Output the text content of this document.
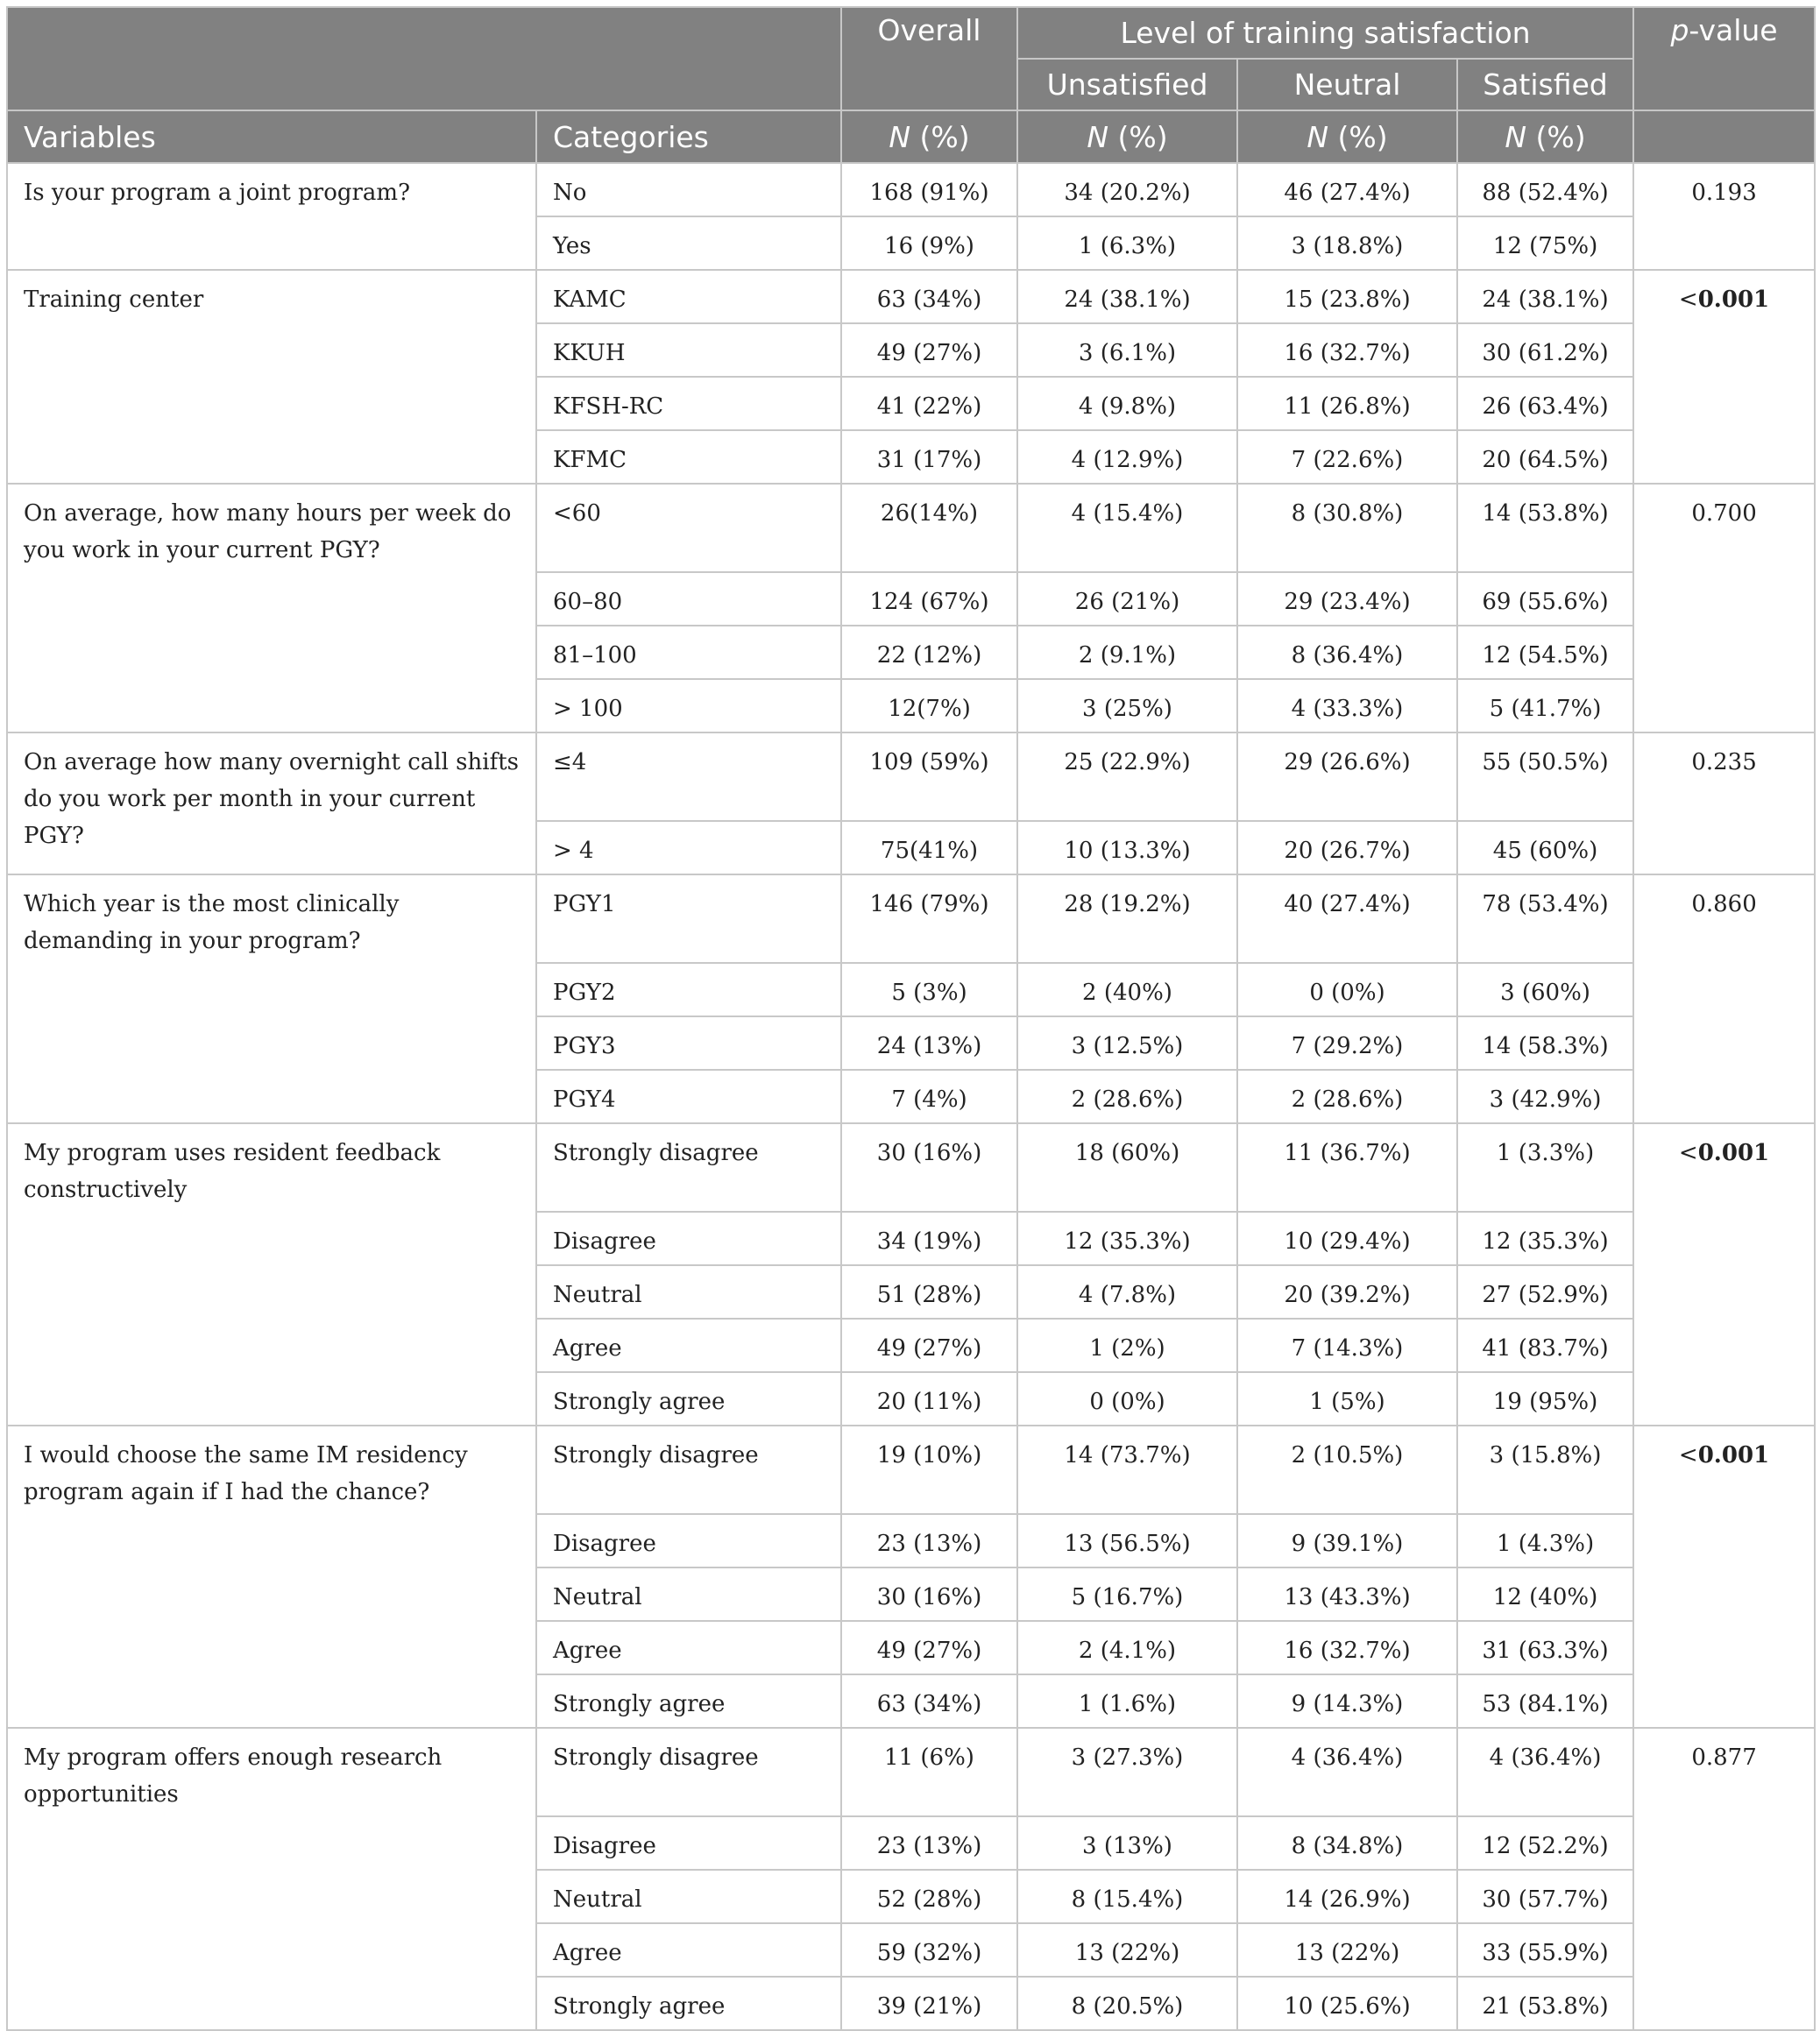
		Overall	Level of training satisfaction			p-value
			Unsatisfied	Neutral	Satisfied	
Variables	Categories	N (%)	N (%)	N (%)	N (%)	
Is your program a joint program?	No	168 (91%)	34 (20.2%)	46 (27.4%)	88 (52.4%)	0.193
	Yes	16 (9%)	1 (6.3%)	3 (18.8%)	12 (75%)	
Training center	KAMC	63 (34%)	24 (38.1%)	15 (23.8%)	24 (38.1%)	<0.001
	KKUH	49 (27%)	3 (6.1%)	16 (32.7%)	30 (61.2%)	
	KFSH-RC	41 (22%)	4 (9.8%)	11 (26.8%)	26 (63.4%)	
	KFMC	31 (17%)	4 (12.9%)	7 (22.6%)	20 (64.5%)	
On average, how many hours per week do you work in your current PGY?	<60	26(14%)	4 (15.4%)	8 (30.8%)	14 (53.8%)	0.700
	60–80	124 (67%)	26 (21%)	29 (23.4%)	69 (55.6%)	
	81–100	22 (12%)	2 (9.1%)	8 (36.4%)	12 (54.5%)	
	> 100	12(7%)	3 (25%)	4 (33.3%)	5 (41.7%)	
On average how many overnight call shifts do you work per month in your current PGY?	≤4	109 (59%)	25 (22.9%)	29 (26.6%)	55 (50.5%)	0.235
	> 4	75(41%)	10 (13.3%)	20 (26.7%)	45 (60%)	
Which year is the most clinically demanding in your program?	PGY1	146 (79%)	28 (19.2%)	40 (27.4%)	78 (53.4%)	0.860
	PGY2	5 (3%)	2 (40%)	0 (0%)	3 (60%)	
	PGY3	24 (13%)	3 (12.5%)	7 (29.2%)	14 (58.3%)	
	PGY4	7 (4%)	2 (28.6%)	2 (28.6%)	3 (42.9%)	
My program uses resident feedback constructively	Strongly disagree	30 (16%)	18 (60%)	11 (36.7%)	1 (3.3%)	<0.001
	Disagree	34 (19%)	12 (35.3%)	10 (29.4%)	12 (35.3%)	
	Neutral	51 (28%)	4 (7.8%)	20 (39.2%)	27 (52.9%)	
	Agree	49 (27%)	1 (2%)	7 (14.3%)	41 (83.7%)	
	Strongly agree	20 (11%)	0 (0%)	1 (5%)	19 (95%)	
I would choose the same IM residency program again if I had the chance?	Strongly disagree	19 (10%)	14 (73.7%)	2 (10.5%)	3 (15.8%)	<0.001
	Disagree	23 (13%)	13 (56.5%)	9 (39.1%)	1 (4.3%)	
	Neutral	30 (16%)	5 (16.7%)	13 (43.3%)	12 (40%)	
	Agree	49 (27%)	2 (4.1%)	16 (32.7%)	31 (63.3%)	
	Strongly agree	63 (34%)	1 (1.6%)	9 (14.3%)	53 (84.1%)	
My program offers enough research opportunities	Strongly disagree	11 (6%)	3 (27.3%)	4 (36.4%)	4 (36.4%)	0.877
	Disagree	23 (13%)	3 (13%)	8 (34.8%)	12 (52.2%)	
	Neutral	52 (28%)	8 (15.4%)	14 (26.9%)	30 (57.7%)	
	Agree	59 (32%)	13 (22%)	13 (22%)	33 (55.9%)	
	Strongly agree	39 (21%)	8 (20.5%)	10 (25.6%)	21 (53.8%)	
